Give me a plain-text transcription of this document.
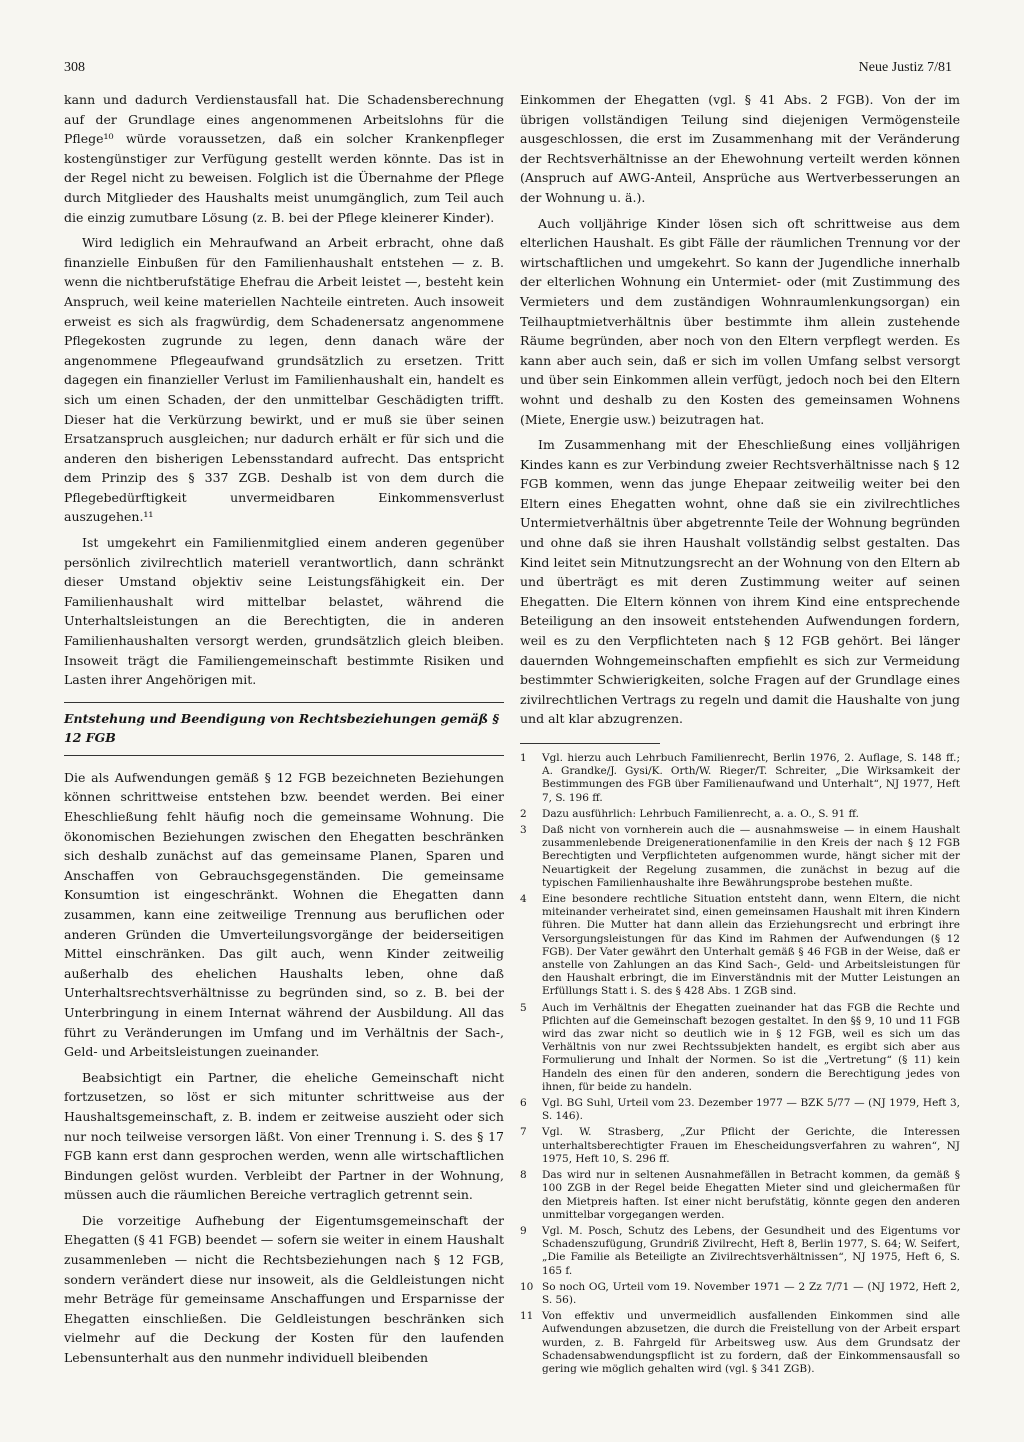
308	Neue Justiz 7/81

kann und dadurch Verdienstausfall hat. Die Schadensberechnung auf der Grundlage eines angenommenen Arbeitslohns für die Pflege¹⁰ würde voraussetzen, daß ein solcher Krankenpfleger kostengünstiger zur Verfügung gestellt werden könnte. Das ist in der Regel nicht zu beweisen. Folglich ist die Übernahme der Pflege durch Mitglieder des Haushalts meist unumgänglich, zum Teil auch die einzig zumutbare Lösung (z. B. bei der Pflege kleinerer Kinder).

Wird lediglich ein Mehraufwand an Arbeit erbracht, ohne daß finanzielle Einbußen für den Familienhaushalt entstehen — z. B. wenn die nichtberufstätige Ehefrau die Arbeit leistet —, besteht kein Anspruch, weil keine materiellen Nachteile eintreten. Auch insoweit erweist es sich als fragwürdig, dem Schadenersatz angenommene Pflegekosten zugrunde zu legen, denn danach wäre der angenommene Pflegeaufwand grundsätzlich zu ersetzen. Tritt dagegen ein finanzieller Verlust im Familienhaushalt ein, handelt es sich um einen Schaden, der den unmittelbar Geschädigten trifft. Dieser hat die Verkürzung bewirkt, und er muß sie über seinen Ersatzanspruch ausgleichen; nur dadurch erhält er für sich und die anderen den bisherigen Lebensstandard aufrecht. Das entspricht dem Prinzip des § 337 ZGB. Deshalb ist von dem durch die Pflegebedürftigkeit unvermeidbaren Einkommensverlust auszugehen.¹¹

Ist umgekehrt ein Familienmitglied einem anderen gegenüber persönlich zivilrechtlich materiell verantwortlich, dann schränkt dieser Umstand objektiv seine Leistungsfähigkeit ein. Der Familienhaushalt wird mittelbar belastet, während die Unterhaltsleistungen an die Berechtigten, die in anderen Familienhaushalten versorgt werden, grundsätzlich gleich bleiben. Insoweit trägt die Familiengemeinschaft bestimmte Risiken und Lasten ihrer Angehörigen mit.

Entstehung und Beendigung von Rechtsbeziehungen gemäß § 12 FGB

Die als Aufwendungen gemäß § 12 FGB bezeichneten Beziehungen können schrittweise entstehen bzw. beendet werden. Bei einer Eheschließung fehlt häufig noch die gemeinsame Wohnung. Die ökonomischen Beziehungen zwischen den Ehegatten beschränken sich deshalb zunächst auf das gemeinsame Planen, Sparen und Anschaffen von Gebrauchsgegenständen. Die gemeinsame Konsumtion ist eingeschränkt. Wohnen die Ehegatten dann zusammen, kann eine zeitweilige Trennung aus beruflichen oder anderen Gründen die Umverteilungsvorgänge der beiderseitigen Mittel einschränken. Das gilt auch, wenn Kinder zeitweilig außerhalb des ehelichen Haushalts leben, ohne daß Unterhaltsrechtsverhältnisse zu begründen sind, so z. B. bei der Unterbringung in einem Internat während der Ausbildung. All das führt zu Veränderungen im Umfang und im Verhältnis der Sach-, Geld- und Arbeitsleistungen zueinander.

Beabsichtigt ein Partner, die eheliche Gemeinschaft nicht fortzusetzen, so löst er sich mitunter schrittweise aus der Haushaltsgemeinschaft, z. B. indem er zeitweise auszieht oder sich nur noch teilweise versorgen läßt. Von einer Trennung i. S. des § 17 FGB kann erst dann gesprochen werden, wenn alle wirtschaftlichen Bindungen gelöst wurden. Verbleibt der Partner in der Wohnung, müssen auch die räumlichen Bereiche vertraglich getrennt sein.

Die vorzeitige Aufhebung der Eigentumsgemeinschaft der Ehegatten (§ 41 FGB) beendet — sofern sie weiter in einem Haushalt zusammenleben — nicht die Rechtsbeziehungen nach § 12 FGB, sondern verändert diese nur insoweit, als die Geldleistungen nicht mehr Beträge für gemeinsame Anschaffungen und Ersparnisse der Ehegatten einschließen. Die Geldleistungen beschränken sich vielmehr auf die Deckung der Kosten für den laufenden Lebensunterhalt aus den nunmehr individuell bleibenden

Einkommen der Ehegatten (vgl. § 41 Abs. 2 FGB). Von der im übrigen vollständigen Teilung sind diejenigen Vermögensteile ausgeschlossen, die erst im Zusammenhang mit der Veränderung der Rechtsverhältnisse an der Ehewohnung verteilt werden können (Anspruch auf AWG-Anteil, Ansprüche aus Wertverbesserungen an der Wohnung u. ä.).

Auch volljährige Kinder lösen sich oft schrittweise aus dem elterlichen Haushalt. Es gibt Fälle der räumlichen Trennung vor der wirtschaftlichen und umgekehrt. So kann der Jugendliche innerhalb der elterlichen Wohnung ein Untermiet- oder (mit Zustimmung des Vermieters und dem zuständigen Wohnraumlenkungsorgan) ein Teilhauptmietverhältnis über bestimmte ihm allein zustehende Räume begründen, aber noch von den Eltern verpflegt werden. Es kann aber auch sein, daß er sich im vollen Umfang selbst versorgt und über sein Einkommen allein verfügt, jedoch noch bei den Eltern wohnt und deshalb zu den Kosten des gemeinsamen Wohnens (Miete, Energie usw.) beizutragen hat.

Im Zusammenhang mit der Eheschließung eines volljährigen Kindes kann es zur Verbindung zweier Rechtsverhältnisse nach § 12 FGB kommen, wenn das junge Ehepaar zeitweilig weiter bei den Eltern eines Ehegatten wohnt, ohne daß sie ein zivilrechtliches Untermietverhältnis über abgetrennte Teile der Wohnung begründen und ohne daß sie ihren Haushalt vollständig selbst gestalten. Das Kind leitet sein Mitnutzungsrecht an der Wohnung von den Eltern ab und überträgt es mit deren Zustimmung weiter auf seinen Ehegatten. Die Eltern können von ihrem Kind eine entsprechende Beteiligung an den insoweit entstehenden Aufwendungen fordern, weil es zu den Verpflichteten nach § 12 FGB gehört. Bei länger dauernden Wohngemeinschaften empfiehlt es sich zur Vermeidung bestimmter Schwierigkeiten, solche Fragen auf der Grundlage eines zivilrechtlichen Vertrags zu regeln und damit die Haushalte von jung und alt klar abzugrenzen.

1	Vgl. hierzu auch Lehrbuch Familienrecht, Berlin 1976, 2. Auflage, S. 148 ff.; A. Grandke/J. Gysi/K. Orth/W. Rieger/T. Schreiter, „Die Wirksamkeit der Bestimmungen des FGB über Familienaufwand und Unterhalt“, NJ 1977, Heft 7, S. 196 ff.
2	Dazu ausführlich: Lehrbuch Familienrecht, a. a. O., S. 91 ff.
3	Daß nicht von vornherein auch die — ausnahmsweise — in einem Haushalt zusammenlebende Dreigenerationenfamilie in den Kreis der nach § 12 FGB Berechtigten und Verpflichteten aufgenommen wurde, hängt sicher mit der Neuartigkeit der Regelung zusammen, die zunächst in bezug auf die typischen Familienhaushalte ihre Bewährungsprobe bestehen mußte.
4	Eine besondere rechtliche Situation entsteht dann, wenn Eltern, die nicht miteinander verheiratet sind, einen gemeinsamen Haushalt mit ihren Kindern führen. Die Mutter hat dann allein das Erziehungsrecht und erbringt ihre Versorgungsleistungen für das Kind im Rahmen der Aufwendungen (§ 12 FGB). Der Vater gewährt den Unterhalt gemäß § 46 FGB in der Weise, daß er anstelle von Zahlungen an das Kind Sach-, Geld- und Arbeitsleistungen für den Haushalt erbringt, die im Einverständnis mit der Mutter Leistungen an Erfüllungs Statt i. S. des § 428 Abs. 1 ZGB sind.
5	Auch im Verhältnis der Ehegatten zueinander hat das FGB die Rechte und Pflichten auf die Gemeinschaft bezogen gestaltet. In den §§ 9, 10 und 11 FGB wird das zwar nicht so deutlich wie in § 12 FGB, weil es sich um das Verhältnis von nur zwei Rechtssubjekten handelt, es ergibt sich aber aus Formulierung und Inhalt der Normen. So ist die „Vertretung“ (§ 11) kein Handeln des einen für den anderen, sondern die Berechtigung jedes von ihnen, für beide zu handeln.
6	Vgl. BG Suhl, Urteil vom 23. Dezember 1977 — BZK 5/77 — (NJ 1979, Heft 3, S. 146).
7	Vgl. W. Strasberg, „Zur Pflicht der Gerichte, die Interessen unterhaltsberechtigter Frauen im Ehescheidungsverfahren zu wahren“, NJ 1975, Heft 10, S. 296 ff.
8	Das wird nur in seltenen Ausnahmefällen in Betracht kommen, da gemäß § 100 ZGB in der Regel beide Ehegatten Mieter sind und gleichermaßen für den Mietpreis haften. Ist einer nicht berufstätig, könnte gegen den anderen unmittelbar vorgegangen werden.
9	Vgl. M. Posch, Schutz des Lebens, der Gesundheit und des Eigentums vor Schadenszufügung, Grundriß Zivilrecht, Heft 8, Berlin 1977, S. 64; W. Seifert, „Die Familie als Beteiligte an Zivilrechtsverhältnissen“, NJ 1975, Heft 6, S. 165 f.
10 So noch OG, Urteil vom 19. November 1971 — 2 Zz 7/71 — (NJ 1972, Heft 2, S. 56).
11 Von effektiv und unvermeidlich ausfallenden Einkommen sind alle Aufwendungen abzusetzen, die durch die Freistellung von der Arbeit erspart wurden, z. B. Fahrgeld für Arbeitsweg usw. Aus dem Grundsatz der Schadensabwendungspflicht ist zu fordern, daß der Einkommensausfall so gering wie möglich gehalten wird (vgl. § 341 ZGB).
